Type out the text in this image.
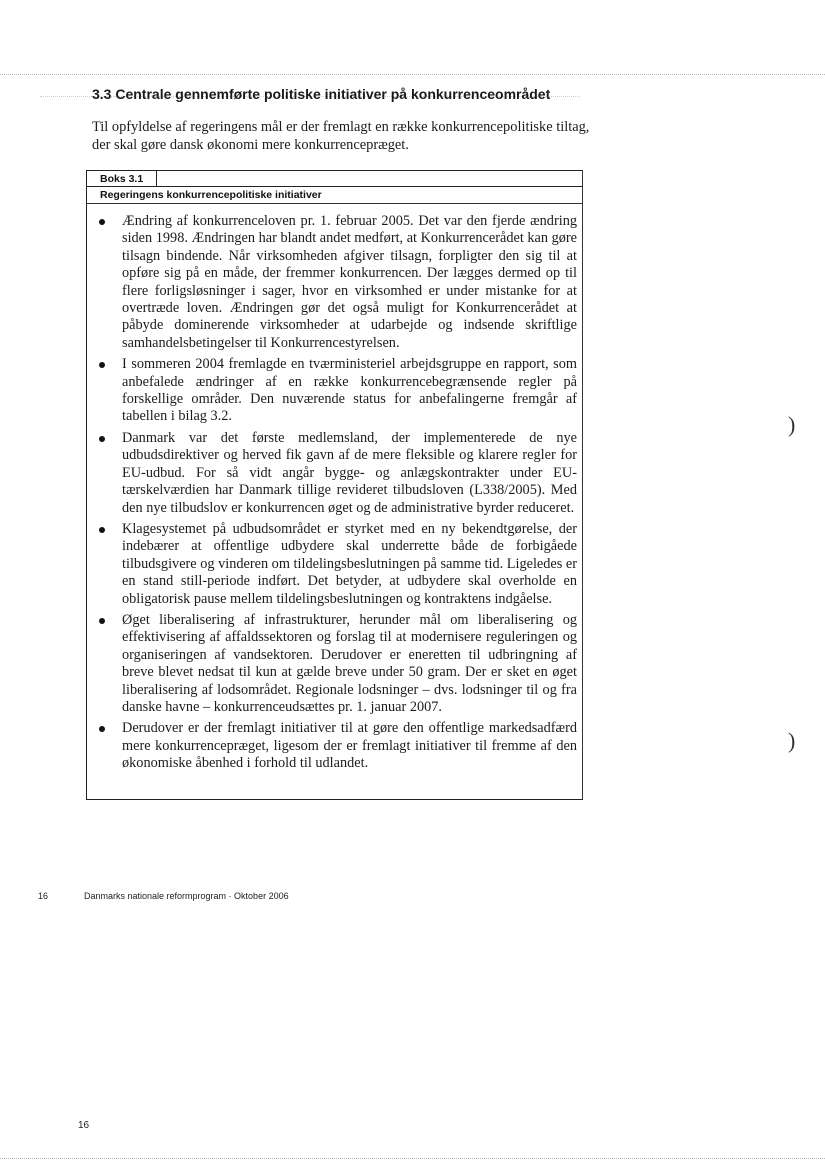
3.3 Centrale gennemførte politiske initiativer på konkurrenceområdet

Til opfyldelse af regeringens mål er der fremlagt en række konkurrencepolitiske tiltag, der skal gøre dansk økonomi mere konkurrencepræget.

Boks 3.1
Regeringens konkurrencepolitiske initiativer
Ændring af konkurrenceloven pr. 1. februar 2005. Det var den fjerde ændring siden 1998. Ændringen har blandt andet medført, at Konkurrencerådet kan gøre tilsagn bindende. Når virksomheden afgiver tilsagn, forpligter den sig til at opføre sig på en måde, der fremmer konkurrencen. Der lægges dermed op til flere forligsløsninger i sager, hvor en virksomhed er under mistanke for at overtræde loven. Ændringen gør det også muligt for Konkurrencerådet at påbyde dominerende virksomheder at udarbejde og indsende skriftlige samhandelsbetingelser til Konkurrencestyrelsen.
I sommeren 2004 fremlagde en tværministeriel arbejdsgruppe en rapport, som anbefalede ændringer af en række konkurrencebegrænsende regler på forskellige områder. Den nuværende status for anbefalingerne fremgår af tabellen i bilag 3.2.
Danmark var det første medlemsland, der implementerede de nye udbudsdirektiver og herved fik gavn af de mere fleksible og klarere regler for EU-udbud. For så vidt angår bygge- og anlægskontrakter under EU-tærskelværdien har Danmark tillige revideret tilbudsloven (L338/2005). Med den nye tilbudslov er konkurrencen øget og de administrative byrder reduceret.
Klagesystemet på udbudsområdet er styrket med en ny bekendtgørelse, der indebærer at offentlige udbydere skal underrette både de forbigåede tilbudsgivere og vinderen om tildelingsbeslutningen på samme tid. Ligeledes er en stand still-periode indført. Det betyder, at udbydere skal overholde en obligatorisk pause mellem tildelingsbeslutningen og kontraktens indgåelse.
Øget liberalisering af infrastrukturer, herunder mål om liberalisering og effektivisering af affaldssektoren og forslag til at modernisere reguleringen og organiseringen af vandsektoren. Derudover er eneretten til udbringning af breve blevet nedsat til kun at gælde breve under 50 gram. Der er sket en øget liberalisering af lodsområdet. Regionale lodsninger – dvs. lodsninger til og fra danske havne – konkurrenceudsættes pr. 1. januar 2007.
Derudover er der fremlagt initiativer til at gøre den offentlige markedsadfærd mere konkurrencepræget, ligesom der er fremlagt initiativer til fremme af den økonomiske åbenhed i forhold til udlandet.
)
)
16	Danmarks nationale reformprogram · Oktober 2006
16
